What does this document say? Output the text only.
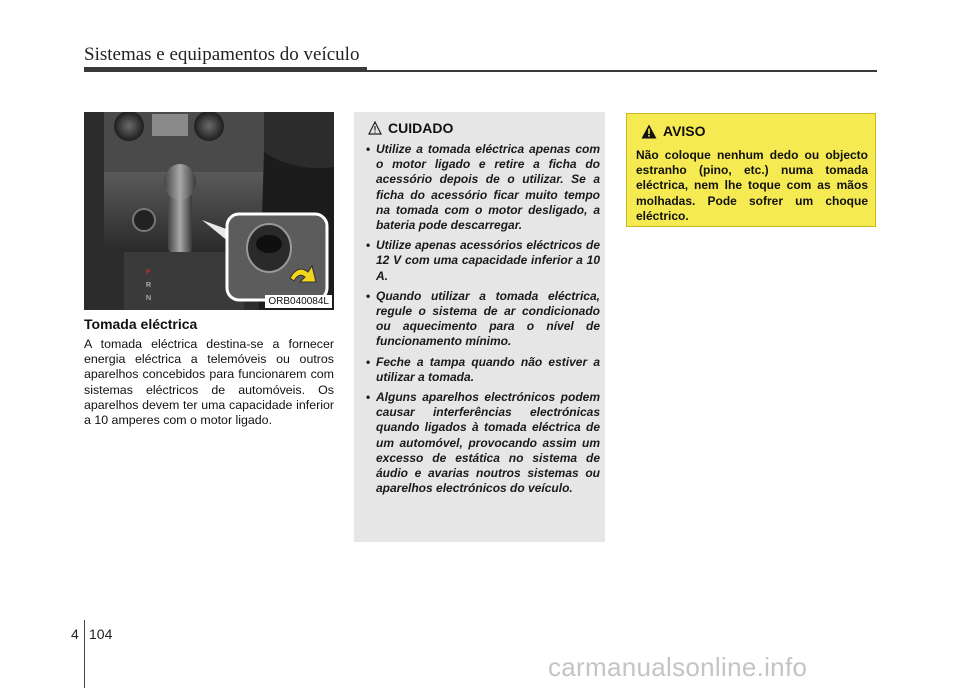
Sistemas e equipamentos do veículo
P
R
N	ORB040084L
Tomada eléctrica
A tomada eléctrica destina-se a fornecer energia eléctrica a telemóveis ou outros aparelhos concebidos para funcionarem com sistemas eléctricos de automóveis. Os aparelhos devem ter uma capacidade inferior a 10 amperes com o motor ligado.
CUIDADO
• Utilize a tomada eléctrica apenas com o motor ligado e retire a ficha do acessório depois de o utilizar. Se a ficha do acessório ficar muito tempo na tomada com o motor desligado, a bateria pode descarregar.
• Utilize apenas acessórios eléctricos de 12 V com uma capacidade inferior a 10 A.
• Quando utilizar a tomada eléctrica, regule o sistema de ar condicionado ou aquecimento para o nível de funcionamento mínimo.
• Feche a tampa quando não estiver a utilizar a tomada.
• Alguns aparelhos electrónicos podem causar interferências electrónicas quando ligados à tomada eléctrica de um automóvel, provocando assim um excesso de estática no sistema de áudio e avarias noutros sistemas ou aparelhos electrónicos do veículo.
AVISO
Não coloque nenhum dedo ou objecto estranho (pino, etc.) numa tomada eléctrica, nem lhe toque com as mãos molhadas. Pode sofrer um choque eléctrico.
4 104
carmanualsonline.info
